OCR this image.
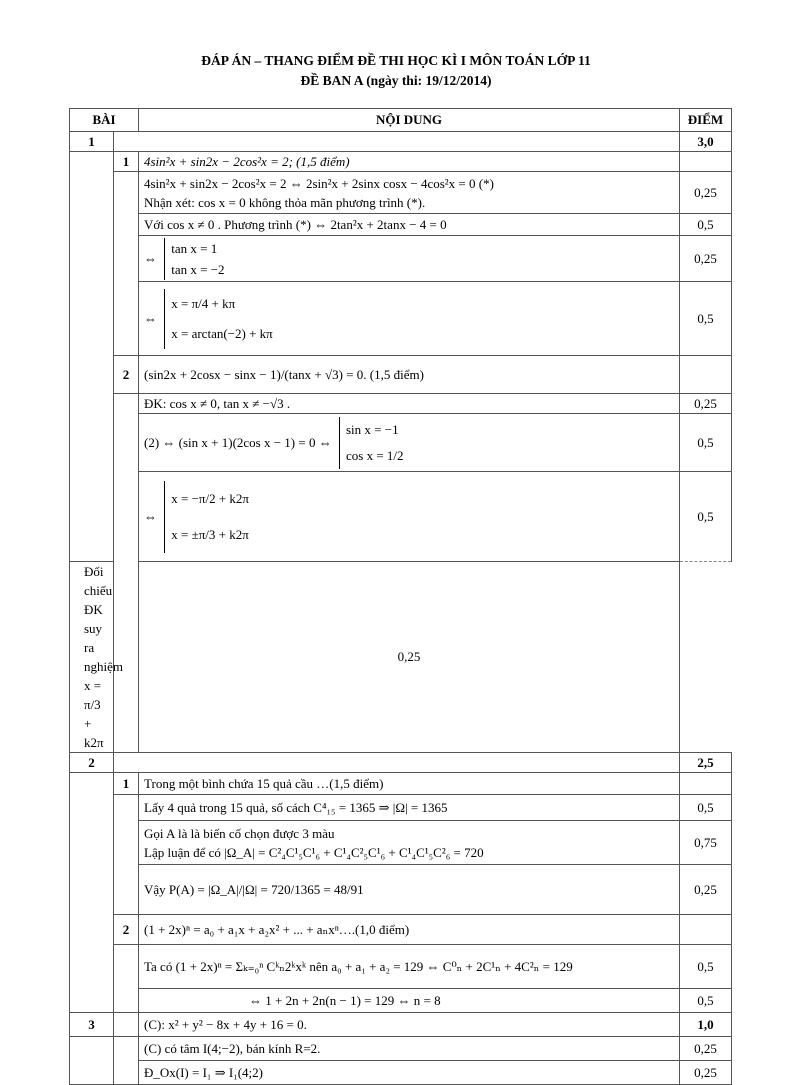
ĐÁP ÁN – THANG ĐIỂM ĐỀ THI HỌC KÌ I MÔN TOÁN LỚP 11
ĐỀ BAN A (ngày thi: 19/12/2014)
BÀI		NỘI DUNG	ĐIỂM
1			3,0
	1	4sin²x + sin2x − 2cos²x = 2; (1,5 điểm)	

		4sin²x + sin2x − 2cos²x = 2 ⇔ 2sin²x + 2sinx cosx − 4cos²x = 0 (*)
Nhận xét: cos x = 0 không thỏa mãn phương trình (*).	0,25
		Với cos x ≠ 0 . Phương trình (*) ⇔ 2tan²x + 2tanx − 4 = 0	0,5
		⇔
tan x = 1
tan x = −2	0,25
		⇔
x = π/4 + kπ
x = arctan(−2) + kπ	0,5
	2	(sin2x + 2cosx − sinx − 1)/(tanx + √3) = 0. (1,5 điểm)	
		ĐK: cos x ≠ 0, tan x ≠ −√3 .	0,25
		(2) ⇔ (sin x + 1)(2cos x − 1) = 0 ⇔
sin x = −1
cos x = 1/2	0,5
		⇔
x = −π/2 + k2π
x = ±π/3 + k2π	0,5
Đối chiếu ĐK suy ra nghiệm x = π/3 + k2π		0,25	
2			2,5
	1	Trong một bình chứa 15 quả cầu …(1,5 điểm)	
		Lấy 4 quả trong 15 quả, số cách C⁴₁₅ = 1365 ⇒ |Ω| = 1365	0,5

		Gọi A là là biến cố chọn được 3 màu
Lập luận để có |Ω_A| = C²₄C¹₅C¹₆ + C¹₄C²₅C¹₆ + C¹₄C¹₅C²₆ = 720	0,75
		Vậy P(A) = |Ω_A|/|Ω| = 720/1365 = 48/91	0,25
	2	(1 + 2x)ⁿ = a₀ + a₁x + a₂x² + ... + aₙxⁿ….(1,0 điểm)	
		Ta có (1 + 2x)ⁿ = Σₖ₌₀ⁿ Cᵏₙ2ᵏxᵏ nên a₀ + a₁ + a₂ = 129 ⇔ C⁰ₙ + 2C¹ₙ + 4C²ₙ = 129	0,5
		⇔ 1 + 2n + 2n(n − 1) = 129 ⇔ n = 8	0,5
3		(C): x² + y² − 8x + 4y + 16 = 0.	1,0
		(C) có tâm I(4;−2), bán kính R=2.	0,25
		Đ_Ox(I) = I₁ ⇒ I₁(4;2)	0,25
